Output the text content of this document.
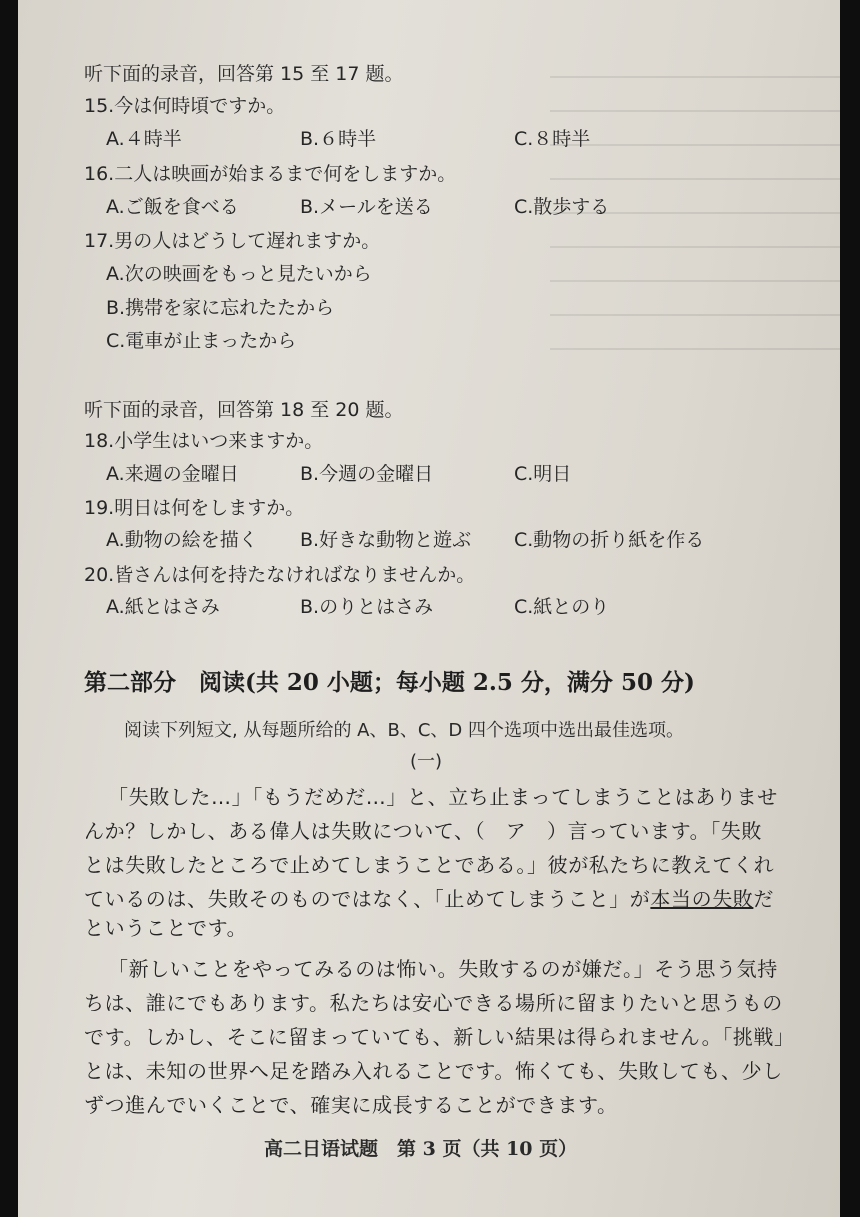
听下面的录音，回答第 15 至 17 题。
15.今は何時頃ですか。
A.４時半	B.６時半	C.８時半
16.二人は映画が始まるまで何をしますか。
A.ご飯を食べる	B.メールを送る	C.散歩する
17.男の人はどうして遅れますか。
A.次の映画をもっと見たいから
B.携帯を家に忘れたたから
C.電車が止まったから
听下面的录音，回答第 18 至 20 题。
18.小学生はいつ来ますか。
A.来週の金曜日	B.今週の金曜日	C.明日
19.明日は何をしますか。
A.動物の絵を描く B.好きな動物と遊ぶ C.動物の折り紙を作る
20.皆さんは何を持たなければなりませんか。
A.紙とはさみ	B.のりとはさみ	C.紙とのり
第二部分　阅读(共 20 小题；每小题 2.5 分，满分 50 分)
阅读下列短文, 从每题所给的 A、B、C、D 四个选项中选出最佳选项。
(一)
「失敗した…」「もうだめだ…」と、立ち止まってしまうことはありませ
んか？しかし、ある偉人は失敗について、（　ア　）言っています。「失敗
とは失敗したところで止めてしまうことである。」彼が私たちに教えてくれ
ているのは、失敗そのものではなく、「止めてしまうこと」が本当の失敗だ
ということです。
「新しいことをやってみるのは怖い。失敗するのが嫌だ。」そう思う気持
ちは、誰にでもあります。私たちは安心できる場所に留まりたいと思うもの
です。しかし、そこに留まっていても、新しい結果は得られません。「挑戦」
とは、未知の世界へ足を踏み入れることです。怖くても、失敗しても、少し
ずつ進んでいくことで、確実に成長することができます。
高二日语试题　第 3 页（共 10 页）
